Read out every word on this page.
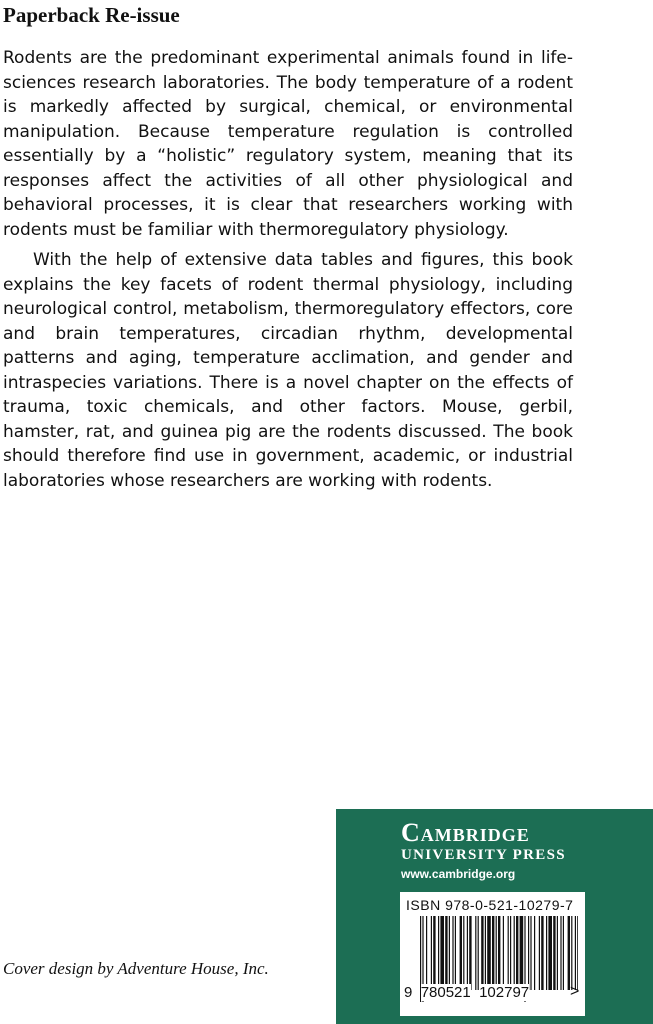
Paperback Re-issue

Rodents are the predominant experimental animals found in life-sciences research laboratories. The body temperature of a rodent is markedly affected by surgical, chemical, or environmental manipulation. Because temperature regulation is controlled essentially by a “holistic” regulatory system, meaning that its responses affect the activities of all other physiological and behavioral processes, it is clear that researchers working with rodents must be familiar with thermoregulatory physiology.

With the help of extensive data tables and figures, this book explains the key facets of rodent thermal physiology, including neurological control, metabolism, thermoregulatory effectors, core and brain temperatures, circadian rhythm, developmental patterns and aging, temperature acclimation, and gender and intraspecies variations. There is a novel chapter on the effects of trauma, toxic chemicals, and other factors. Mouse, gerbil, hamster, rat, and guinea pig are the rodents discussed. The book should therefore find use in government, academic, or industrial laboratories whose researchers are working with rodents.

Cover design by Adventure House, Inc.
Cambridge
UNIVERSITY PRESS
www.cambridge.org
ISBN 978-0-521-10279-7
9 780521 102797	>
